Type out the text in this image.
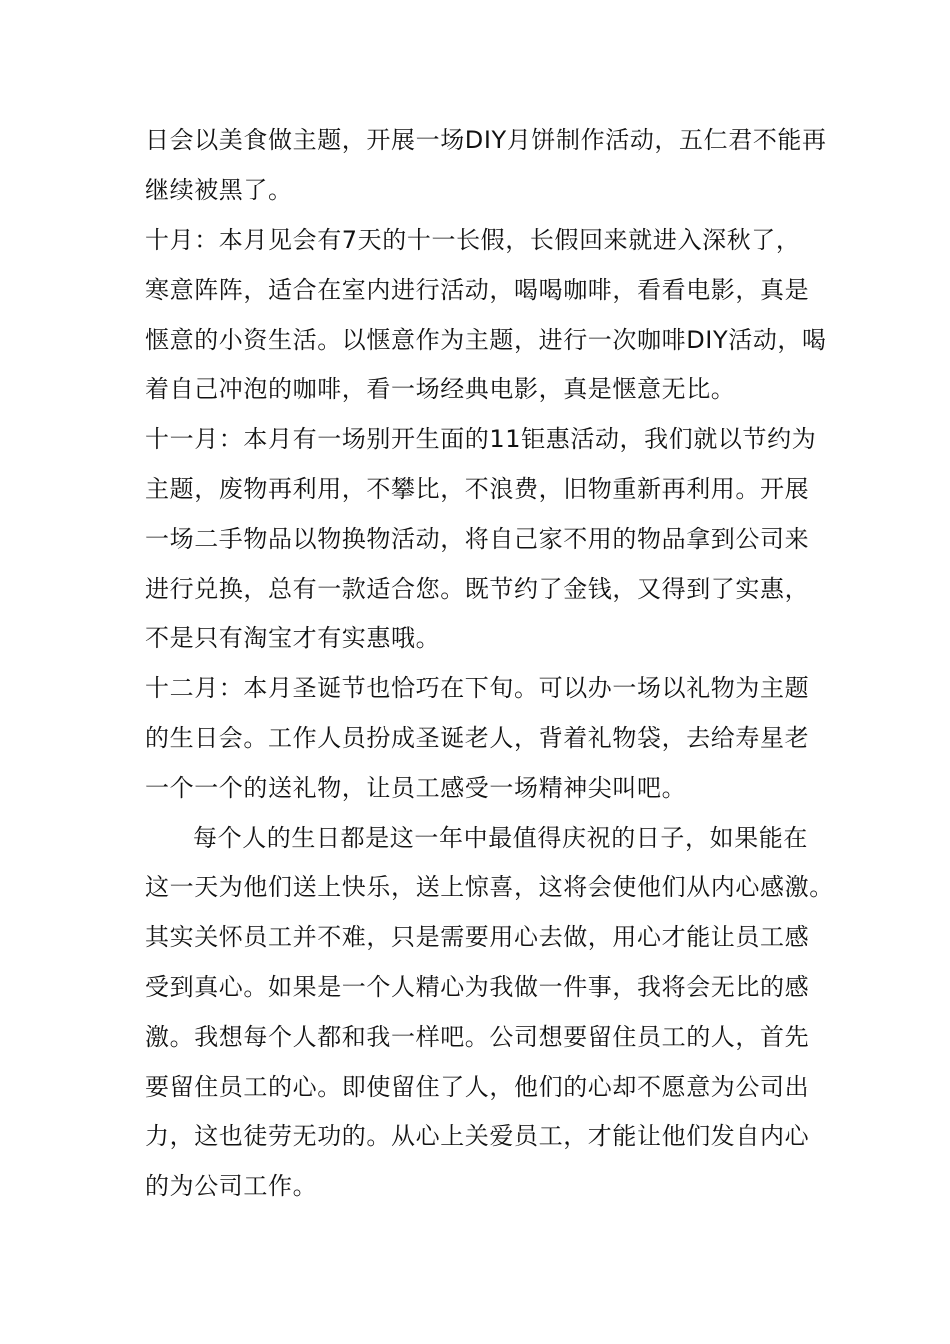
日会以美食做主题，开展一场DIY月饼制作活动，五仁君不能再
继续被黑了。
十月：本月见会有7天的十一长假，长假回来就进入深秋了，
寒意阵阵，适合在室内进行活动，喝喝咖啡，看看电影，真是
惬意的小资生活。以惬意作为主题，进行一次咖啡DIY活动，喝
着自己冲泡的咖啡，看一场经典电影，真是惬意无比。
十一月：本月有一场别开生面的11钜惠活动，我们就以节约为
主题，废物再利用，不攀比，不浪费，旧物重新再利用。开展
一场二手物品以物换物活动，将自己家不用的物品拿到公司来
进行兑换，总有一款适合您。既节约了金钱，又得到了实惠，
不是只有淘宝才有实惠哦。
十二月：本月圣诞节也恰巧在下旬。可以办一场以礼物为主题
的生日会。工作人员扮成圣诞老人，背着礼物袋，去给寿星老
一个一个的送礼物，让员工感受一场精神尖叫吧。
每个人的生日都是这一年中最值得庆祝的日子，如果能在
这一天为他们送上快乐，送上惊喜，这将会使他们从内心感激。
其实关怀员工并不难，只是需要用心去做，用心才能让员工感
受到真心。如果是一个人精心为我做一件事，我将会无比的感
激。我想每个人都和我一样吧。公司想要留住员工的人，首先
要留住员工的心。即使留住了人，他们的心却不愿意为公司出
力，这也徒劳无功的。从心上关爱员工，才能让他们发自内心
的为公司工作。
